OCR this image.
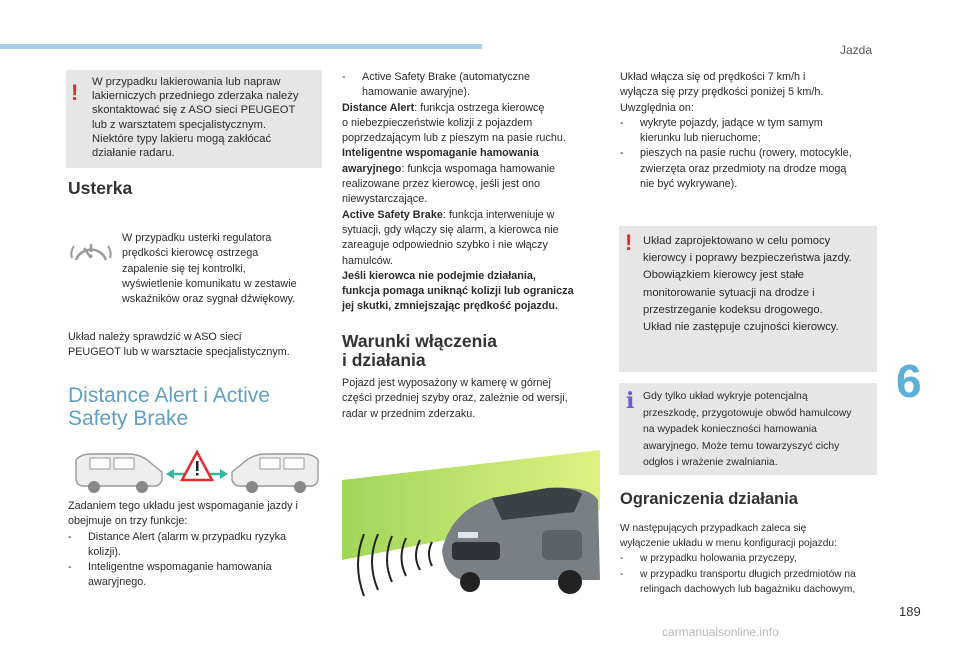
Jazda
6
189
carmanualsonline.info
! W przypadku lakierowania lub napraw
lakierniczych przedniego zderzaka należy
skontaktować się z ASO sieci PEUGEOT
lub z warsztatem specjalistycznym.
Niektóre typy lakieru mogą zakłócać
działanie radaru.
Usterka
W przypadku usterki regulatora
prędkości kierowcę ostrzega
zapalenie się tej kontrolki,
wyświetlenie komunikatu w zestawie
wskaźników oraz sygnał dźwiękowy.
Układ należy sprawdzić w ASO sieci
PEUGEOT lub w warsztacie specjalistycznym.
Distance Alert i Active
Safety Brake
Zadaniem tego układu jest wspomaganie jazdy i
obejmuje on trzy funkcje:
- Distance Alert (alarm w przypadku ryzyka
kolizji).
- Inteligentne wspomaganie hamowania
awaryjnego.
- Active Safety Brake (automatyczne
hamowanie awaryjne).
Distance Alert: funkcja ostrzega kierowcę
o niebezpieczeństwie kolizji z pojazdem
poprzedzającym lub z pieszym na pasie ruchu.
Inteligentne wspomaganie hamowania
awaryjnego: funkcja wspomaga hamowanie
realizowane przez kierowcę, jeśli jest ono
niewystarczające.
Active Safety Brake: funkcja interweniuje w
sytuacji, gdy włączy się alarm, a kierowca nie
zareaguje odpowiednio szybko i nie włączy
hamulców.
Jeśli kierowca nie podejmie działania,
funkcja pomaga uniknąć kolizji lub ogranicza
jej skutki, zmniejszając prędkość pojazdu.
Warunki włączenia
i działania
Pojazd jest wyposażony w kamerę w górnej
części przedniej szyby oraz, zależnie od wersji,
radar w przednim zderzaku.
Układ włącza się od prędkości 7 km/h i
wyłącza się przy prędkości poniżej 5 km/h.
Uwzględnia on:
- wykryte pojazdy, jadące w tym samym
kierunku lub nieruchome;
- pieszych na pasie ruchu (rowery, motocykle,
zwierzęta oraz przedmioty na drodze mogą
nie być wykrywane).
! Układ zaprojektowano w celu pomocy
kierowcy i poprawy bezpieczeństwa jazdy.
Obowiązkiem kierowcy jest stałe
monitorowanie sytuacji na drodze i
przestrzeganie kodeksu drogowego.
Układ nie zastępuje czujności kierowcy.
i Gdy tylko układ wykryje potencjalną
przeszkodę, przygotowuje obwód hamulcowy
na wypadek konieczności hamowania
awaryjnego. Może temu towarzyszyć cichy
odgłos i wrażenie zwalniania.
Ograniczenia działania
W następujących przypadkach zaleca się
wyłączenie układu w menu konfiguracji pojazdu:
- w przypadku holowania przyczepy,
- w przypadku transportu długich przedmiotów na
relingach dachowych lub bagażniku dachowym,
